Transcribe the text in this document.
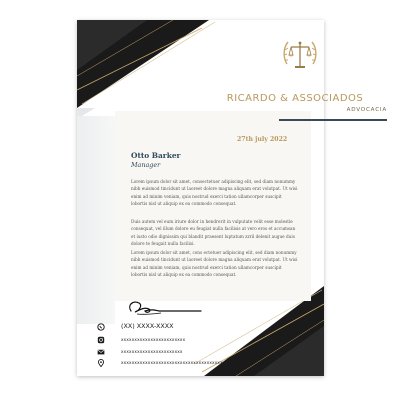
RICARDO & ASSOCIADOS
ADVOCACIA
27th july 2022
Otto Barker
Manager
Lorem ipsum dolor sit amet, consectetuer adipiscing elit, sed diam nonummy nibh euismod tincidunt ut laoreet dolore magna aliquam erat volutpat. Ut wisi enim ad minim veniam, quis nostrud exerci tation ullamcorper suscipit lobortis nisl ut aliquip ex ea commodo consequat.
Duis autem vel eum iriure dolor in hendrerit in vulputate velit esse molestie consequat, vel illum dolore eu feugiat nulla facilisis at vero eros et accumsan et iusto odio dignissim qui blandit praesent luptatum zzril delenit augue duis dolore te feugait nulla facilisi.
Lorem ipsum dolor sit amet, cons ectetuer adipiscing elit, sed diam nonummy nibh euismod tincidunt ut laoreet dolore magna aliquam erat volutpat. Ut wisi enim ad minim veniam, quis nostrud exerci tation ullamcorper suscipit lobortis nisl ut aliquip ex ea commodo consequat.
(XX) XXXX-XXXX
xxxxxxxxxxxxxxxxxxxxxxxx
xxxxxxxxxxxxxxxxxxxxxxx
xxxxxxxxxxxxxxxxxxxxxxxxxxxxxxxxxxxxxx
